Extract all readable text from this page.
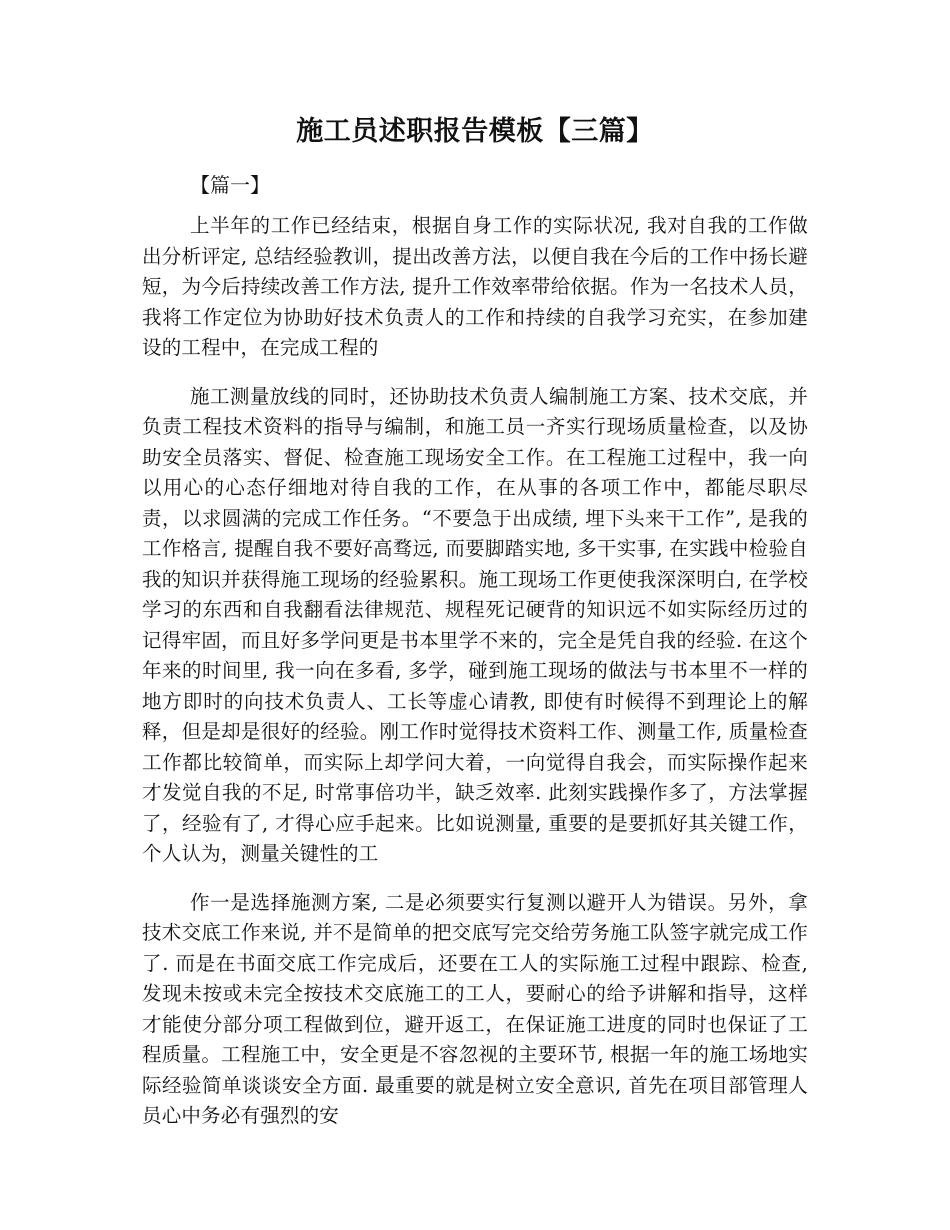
施工员述职报告模板【三篇】
【篇一】

上半年的工作已经结束，根据自身工作的实际状况, 我对自我的工作做出分析评定, 总结经验教训，提出改善方法，以便自我在今后的工作中扬长避短，为今后持续改善工作方法, 提升工作效率带给依据。作为一名技术人员，我将工作定位为协助好技术负责人的工作和持续的自我学习充实，在参加建设的工程中，在完成工程的

施工测量放线的同时，还协助技术负责人编制施工方案、技术交底，并负责工程技术资料的指导与编制，和施工员一齐实行现场质量检查，以及协助安全员落实、督促、检查施工现场安全工作。在工程施工过程中，我一向以用心的心态仔细地对待自我的工作，在从事的各项工作中，都能尽职尽责，以求圆满的完成工作任务。“不要急于出成绩, 埋下头来干工作”, 是我的工作格言, 提醒自我不要好高骛远, 而要脚踏实地, 多干实事, 在实践中检验自我的知识并获得施工现场的经验累积。施工现场工作更使我深深明白, 在学校学习的东西和自我翻看法律规范、规程死记硬背的知识远不如实际经历过的记得牢固，而且好多学问更是书本里学不来的，完全是凭自我的经验. 在这个年来的时间里, 我一向在多看, 多学，碰到施工现场的做法与书本里不一样的地方即时的向技术负责人、工长等虚心请教, 即使有时候得不到理论上的解释，但是却是很好的经验。刚工作时觉得技术资料工作、测量工作, 质量检查工作都比较简单，而实际上却学问大着，一向觉得自我会，而实际操作起来才发觉自我的不足, 时常事倍功半，缺乏效率. 此刻实践操作多了，方法掌握了，经验有了, 才得心应手起来。比如说测量, 重要的是要抓好其关键工作，个人认为，测量关键性的工

作一是选择施测方案, 二是必须要实行复测以避开人为错误。另外，拿技术交底工作来说, 并不是简单的把交底写完交给劳务施工队签字就完成工作了. 而是在书面交底工作完成后，还要在工人的实际施工过程中跟踪、检查, 发现未按或未完全按技术交底施工的工人，要耐心的给予讲解和指导，这样才能使分部分项工程做到位，避开返工，在保证施工进度的同时也保证了工程质量。工程施工中，安全更是不容忽视的主要环节, 根据一年的施工场地实际经验简单谈谈安全方面. 最重要的就是树立安全意识, 首先在项目部管理人员心中务必有强烈的安
